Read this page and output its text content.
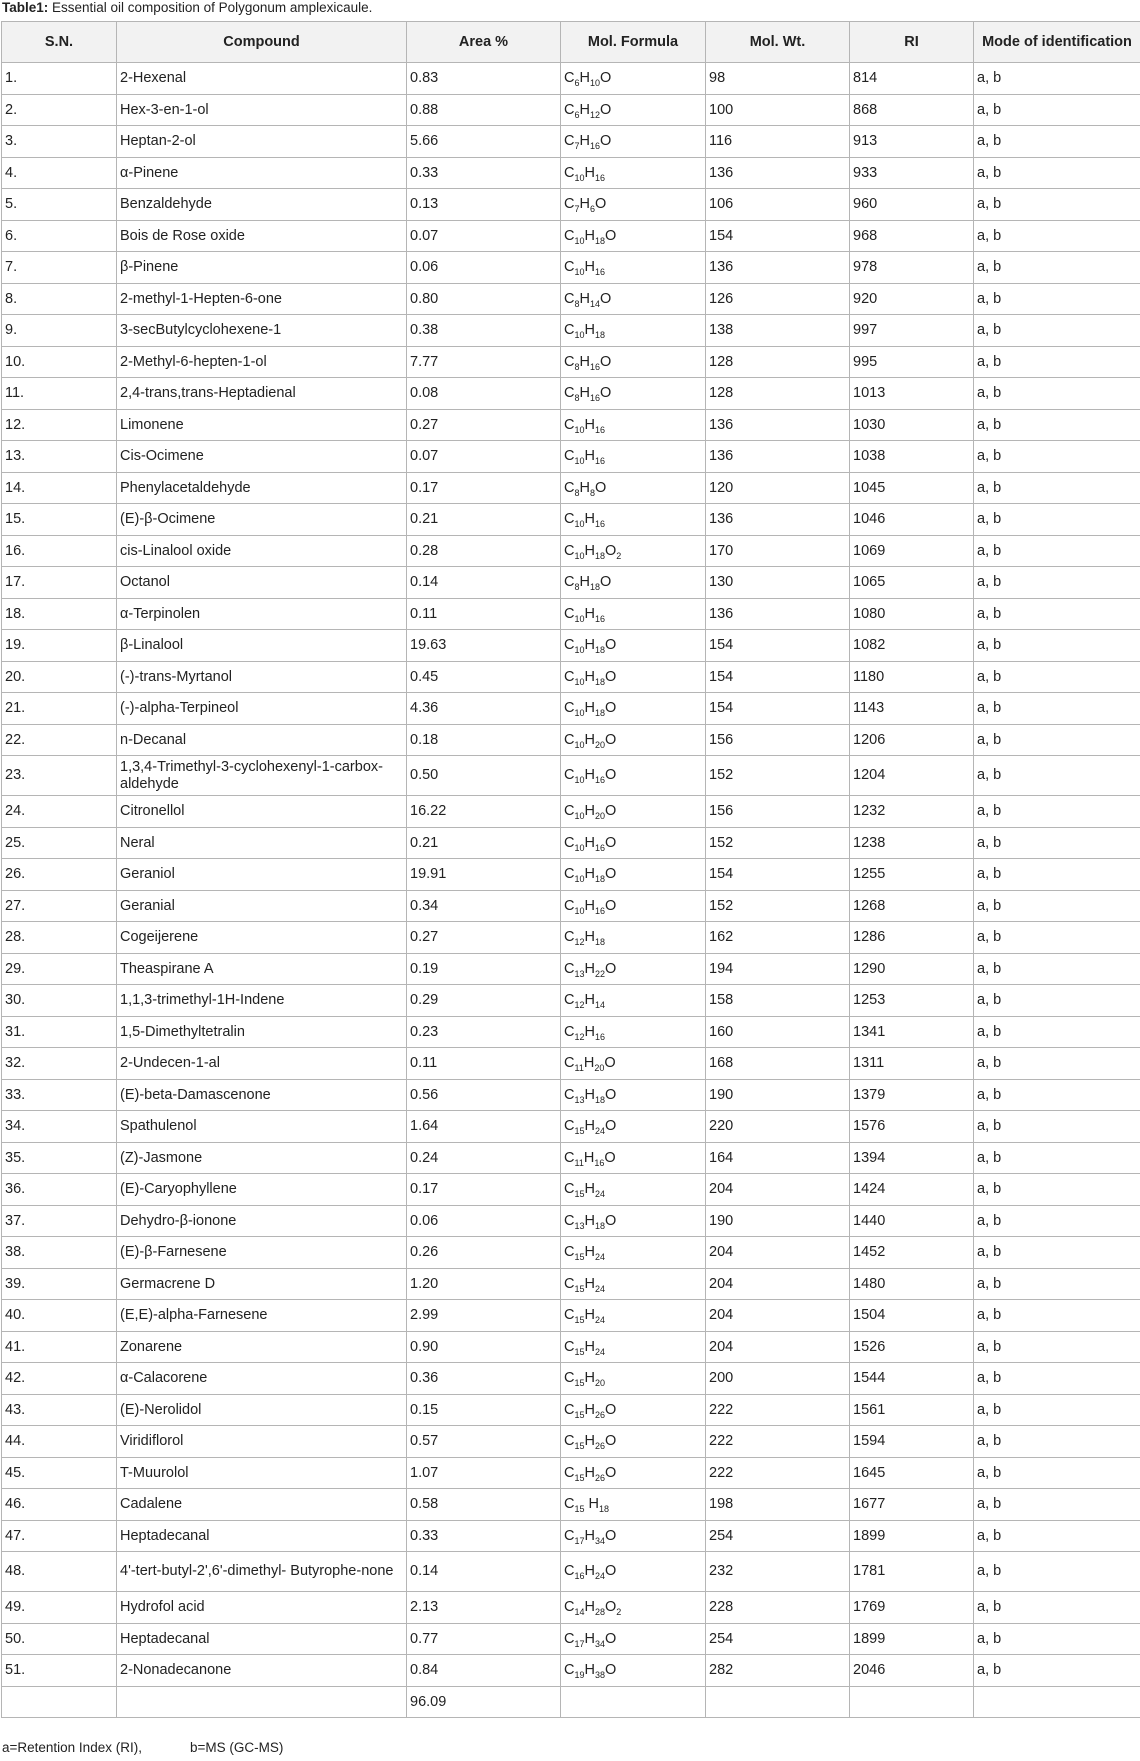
Table1: Essential oil composition of Polygonum amplexicaule.
S.N.	Compound	Area %	Mol. Formula	Mol. Wt.	RI	Mode of identification
1.	2-Hexenal	0.83	$C_6H_{10}O$	98	814	a, b
2.	Hex-3-en-1-ol	0.88	$C_6H_{12}O$	100	868	a, b
3.	Heptan-2-ol	5.66	$C_7H_{16}O$	116	913	a, b
4.	α-Pinene	0.33	$C_{10}H_{16}$	136	933	a, b
5.	Benzaldehyde	0.13	$C_7H_6O$	106	960	a, b
6.	Bois de Rose oxide	0.07	$C_{10}H_{18}O$	154	968	a, b
7.	β-Pinene	0.06	$C_{10}H_{16}$	136	978	a, b
8.	2-methyl-1-Hepten-6-one	0.80	$C_8H_{14}O$	126	920	a, b
9.	3-secButylcyclohexene-1	0.38	$C_{10}H_{18}$	138	997	a, b
10.	2-Methyl-6-hepten-1-ol	7.77	$C_8H_{16}O$	128	995	a, b
11.	2,4-trans,trans-Heptadienal	0.08	$C_8H_{16}O$	128	1013	a, b
12.	Limonene	0.27	$C_{10}H_{16}$	136	1030	a, b
13.	Cis-Ocimene	0.07	$C_{10}H_{16}$	136	1038	a, b
14.	Phenylacetaldehyde	0.17	$C_8H_8O$	120	1045	a, b
15.	(E)-β-Ocimene	0.21	$C_{10}H_{16}$	136	1046	a, b
16.	cis-Linalool oxide	0.28	$C_{10}H_{18}O_2$	170	1069	a, b
17.	Octanol	0.14	$C_8H_{18}O$	130	1065	a, b
18.	α-Terpinolen	0.11	$C_{10}H_{16}$	136	1080	a, b
19.	β-Linalool	19.63	$C_{10}H_{18}O$	154	1082	a, b
20.	(-)-trans-Myrtanol	0.45	$C_{10}H_{18}O$	154	1180	a, b
21.	(-)-alpha-Terpineol	4.36	$C_{10}H_{18}O$	154	1143	a, b
22.	n-Decanal	0.18	$C_{10}H_{20}O$	156	1206	a, b
23.	1,3,4-Trimethyl-3-cyclohexenyl-1-carbox-aldehyde	0.50	$C_{10}H_{16}O$	152	1204	a, b
24.	Citronellol	16.22	$C_{10}H_{20}O$	156	1232	a, b
25.	Neral	0.21	$C_{10}H_{16}O$	152	1238	a, b
26.	Geraniol	19.91	$C_{10}H_{18}O$	154	1255	a, b
27.	Geranial	0.34	$C_{10}H_{16}O$	152	1268	a, b
28.	Cogeijerene	0.27	$C_{12}H_{18}$	162	1286	a, b
29.	Theaspirane A	0.19	$C_{13}H_{22}O$	194	1290	a, b
30.	1,1,3-trimethyl-1H-Indene	0.29	$C_{12}H_{14}$	158	1253	a, b
31.	1,5-Dimethyltetralin	0.23	$C_{12}H_{16}$	160	1341	a, b
32.	2-Undecen-1-al	0.11	$C_{11}H_{20}O$	168	1311	a, b
33.	(E)-beta-Damascenone	0.56	$C_{13}H_{18}O$	190	1379	a, b
34.	Spathulenol	1.64	$C_{15}H_{24}O$	220	1576	a, b
35.	(Z)-Jasmone	0.24	$C_{11}H_{16}O$	164	1394	a, b
36.	(E)-Caryophyllene	0.17	$C_{15}H_{24}$	204	1424	a, b
37.	Dehydro-β-ionone	0.06	$C_{13}H_{18}O$	190	1440	a, b
38.	(E)-β-Farnesene	0.26	$C_{15}H_{24}$	204	1452	a, b
39.	Germacrene D	1.20	$C_{15}H_{24}$	204	1480	a, b
40.	(E,E)-alpha-Farnesene	2.99	$C_{15}H_{24}$	204	1504	a, b
41.	Zonarene	0.90	$C_{15}H_{24}$	204	1526	a, b
42.	α-Calacorene	0.36	$C_{15}H_{20}$	200	1544	a, b
43.	(E)-Nerolidol	0.15	$C_{15}H_{26}O$	222	1561	a, b
44.	Viridiflorol	0.57	$C_{15}H_{26}O$	222	1594	a, b
45.	T-Muurolol	1.07	$C_{15}H_{26}O$	222	1645	a, b
46.	Cadalene	0.58	$C_{15}$ $H_{18}$	198	1677	a, b
47.	Heptadecanal	0.33	$C_{17}H_{34}O$	254	1899	a, b
48.	4'-tert-butyl-2',6'-dimethyl- Butyrophe-none	0.14	$C_{16}H_{24}O$	232	1781	a, b
49.	Hydrofol acid	2.13	$C_{14}H_{28}O_2$	228	1769	a, b
50.	Heptadecanal	0.77	$C_{17}H_{34}O$	254	1899	a, b
51.	2-Nonadecanone	0.84	$C_{19}H_{38}O$	282	2046	a, b
		96.09				
a=Retention Index (RI),	b=MS (GC-MS)
